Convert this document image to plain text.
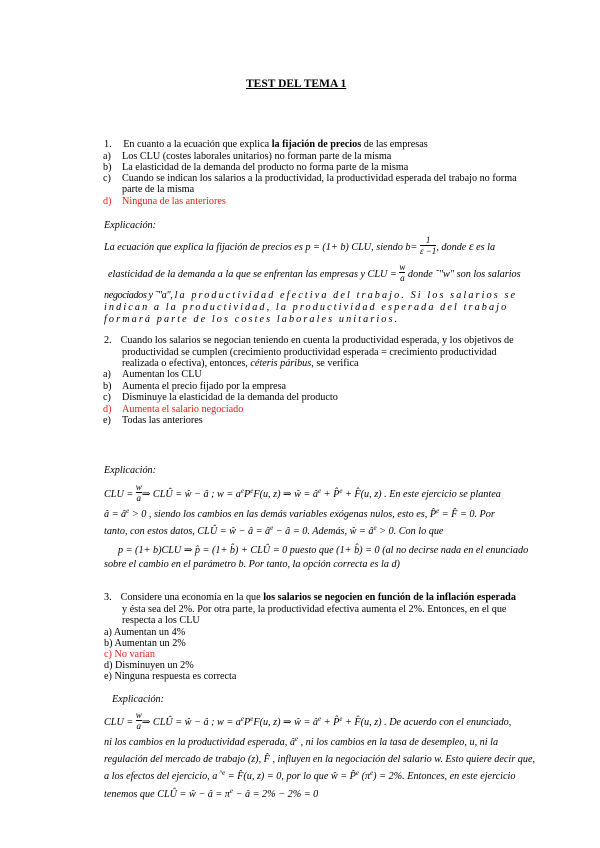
TEST DEL TEMA 1
1. En cuanto a la ecuación que explica la fijación de precios de las empresas
a) Los CLU (costes laborales unitarios) no forman parte de la misma
b) La elasticidad de la demanda del producto no forma parte de la misma
c) Cuando se indican los salarios a la productividad, la productividad esperada del trabajo no forma
parte de la misma
d) Ninguna de las anteriores
Explicación:
La ecuación que explica la fijación de precios es p = (1+ b) CLU, siendo $b= \frac{1}{\varepsilon -1}$ , donde ε es la
elasticidad de la demanda a la que se enfrentan las empresas y CLU = $\frac{w}{a}$ donde ˜"w" son los salarios
negociados y ˜"a", la productividad efectiva del trabajo. Si los salarios se
indican a la productividad, la productividad esperada del trabajo
formará parte de los costes laborales unitarios.
2. Cuando los salarios se negocian teniendo en cuenta la productividad esperada, y los objetivos de
productividad se cumplen (crecimiento productividad esperada = crecimiento productividad
realizada o efectiva), entonces, céteris páribus, se verifica
a) Aumentan los CLU
b) Aumenta el precio fijado por la empresa
c) Disminuye la elasticidad de la demanda del producto
d) Aumenta el salario negociado
e) Todas las anteriores
Explicación:
CLU = $\frac{w}{a}$ ⇒ CLÛ = ŵ − â ; $w = a^eP^eF(u$, z) ⇒ ŵ = $â^e$ + P̂$^e$ + F̂(u, z) . En este ejercicio se plantea
â = $â^e > 0$ , siendo los cambios en las demás variables exógenas nulos, esto es, P̂$^e$ = F̂ = 0. Por
tanto, con estos datos, CLÛ = ŵ − â = $â^e$ − â = 0. Además, ŵ = $â^e > 0$. Con lo que
p = (1+ b)CLU ⇒ p̂ = (1+ b̂) + CLÛ = 0 puesto que (1+ b̂) = 0 (al no decirse nada en el enunciado
sobre el cambio en el parámetro b. Por tanto, la opción correcta es la d)
3. Considere una economía en la que los salarios se negocien en función de la inflación esperada
y ésta sea del 2%. Por otra parte, la productividad efectiva aumenta el 2%. Entonces, en el que
respecta a los CLU
a) Aumentan un 4%
b) Aumentan un 2%
c) No varían
d) Disminuyen un 2%
e) Ninguna respuesta es correcta
Explicación:
CLU = $\frac{w}{a}$ ⇒ CLÛ = ŵ − â ; $w = a^eP^eF(u$, z) ⇒ ŵ = $â^e$ + P̂$^e$ + F̂(u, z) . De acuerdo con el enunciado,
ni los cambios en la productividad esperada, $â^e$ , ni los cambios en la tasa de desempleo, u, ni la
regulación del mercado de trabajo (z), F̂ , influyen en la negociación del salario w. Esto quiere decir que,
a los efectos del ejercicio, a $^{\^{}e}$ = F̂(u, z) = 0, por lo que ŵ = P̂$^e$ $(\pi^e) = 2\%$. Entonces, en este ejercicio
tenemos que CLÛ = ŵ − â = $\pi^e$ − â = 2% − 2% = 0
